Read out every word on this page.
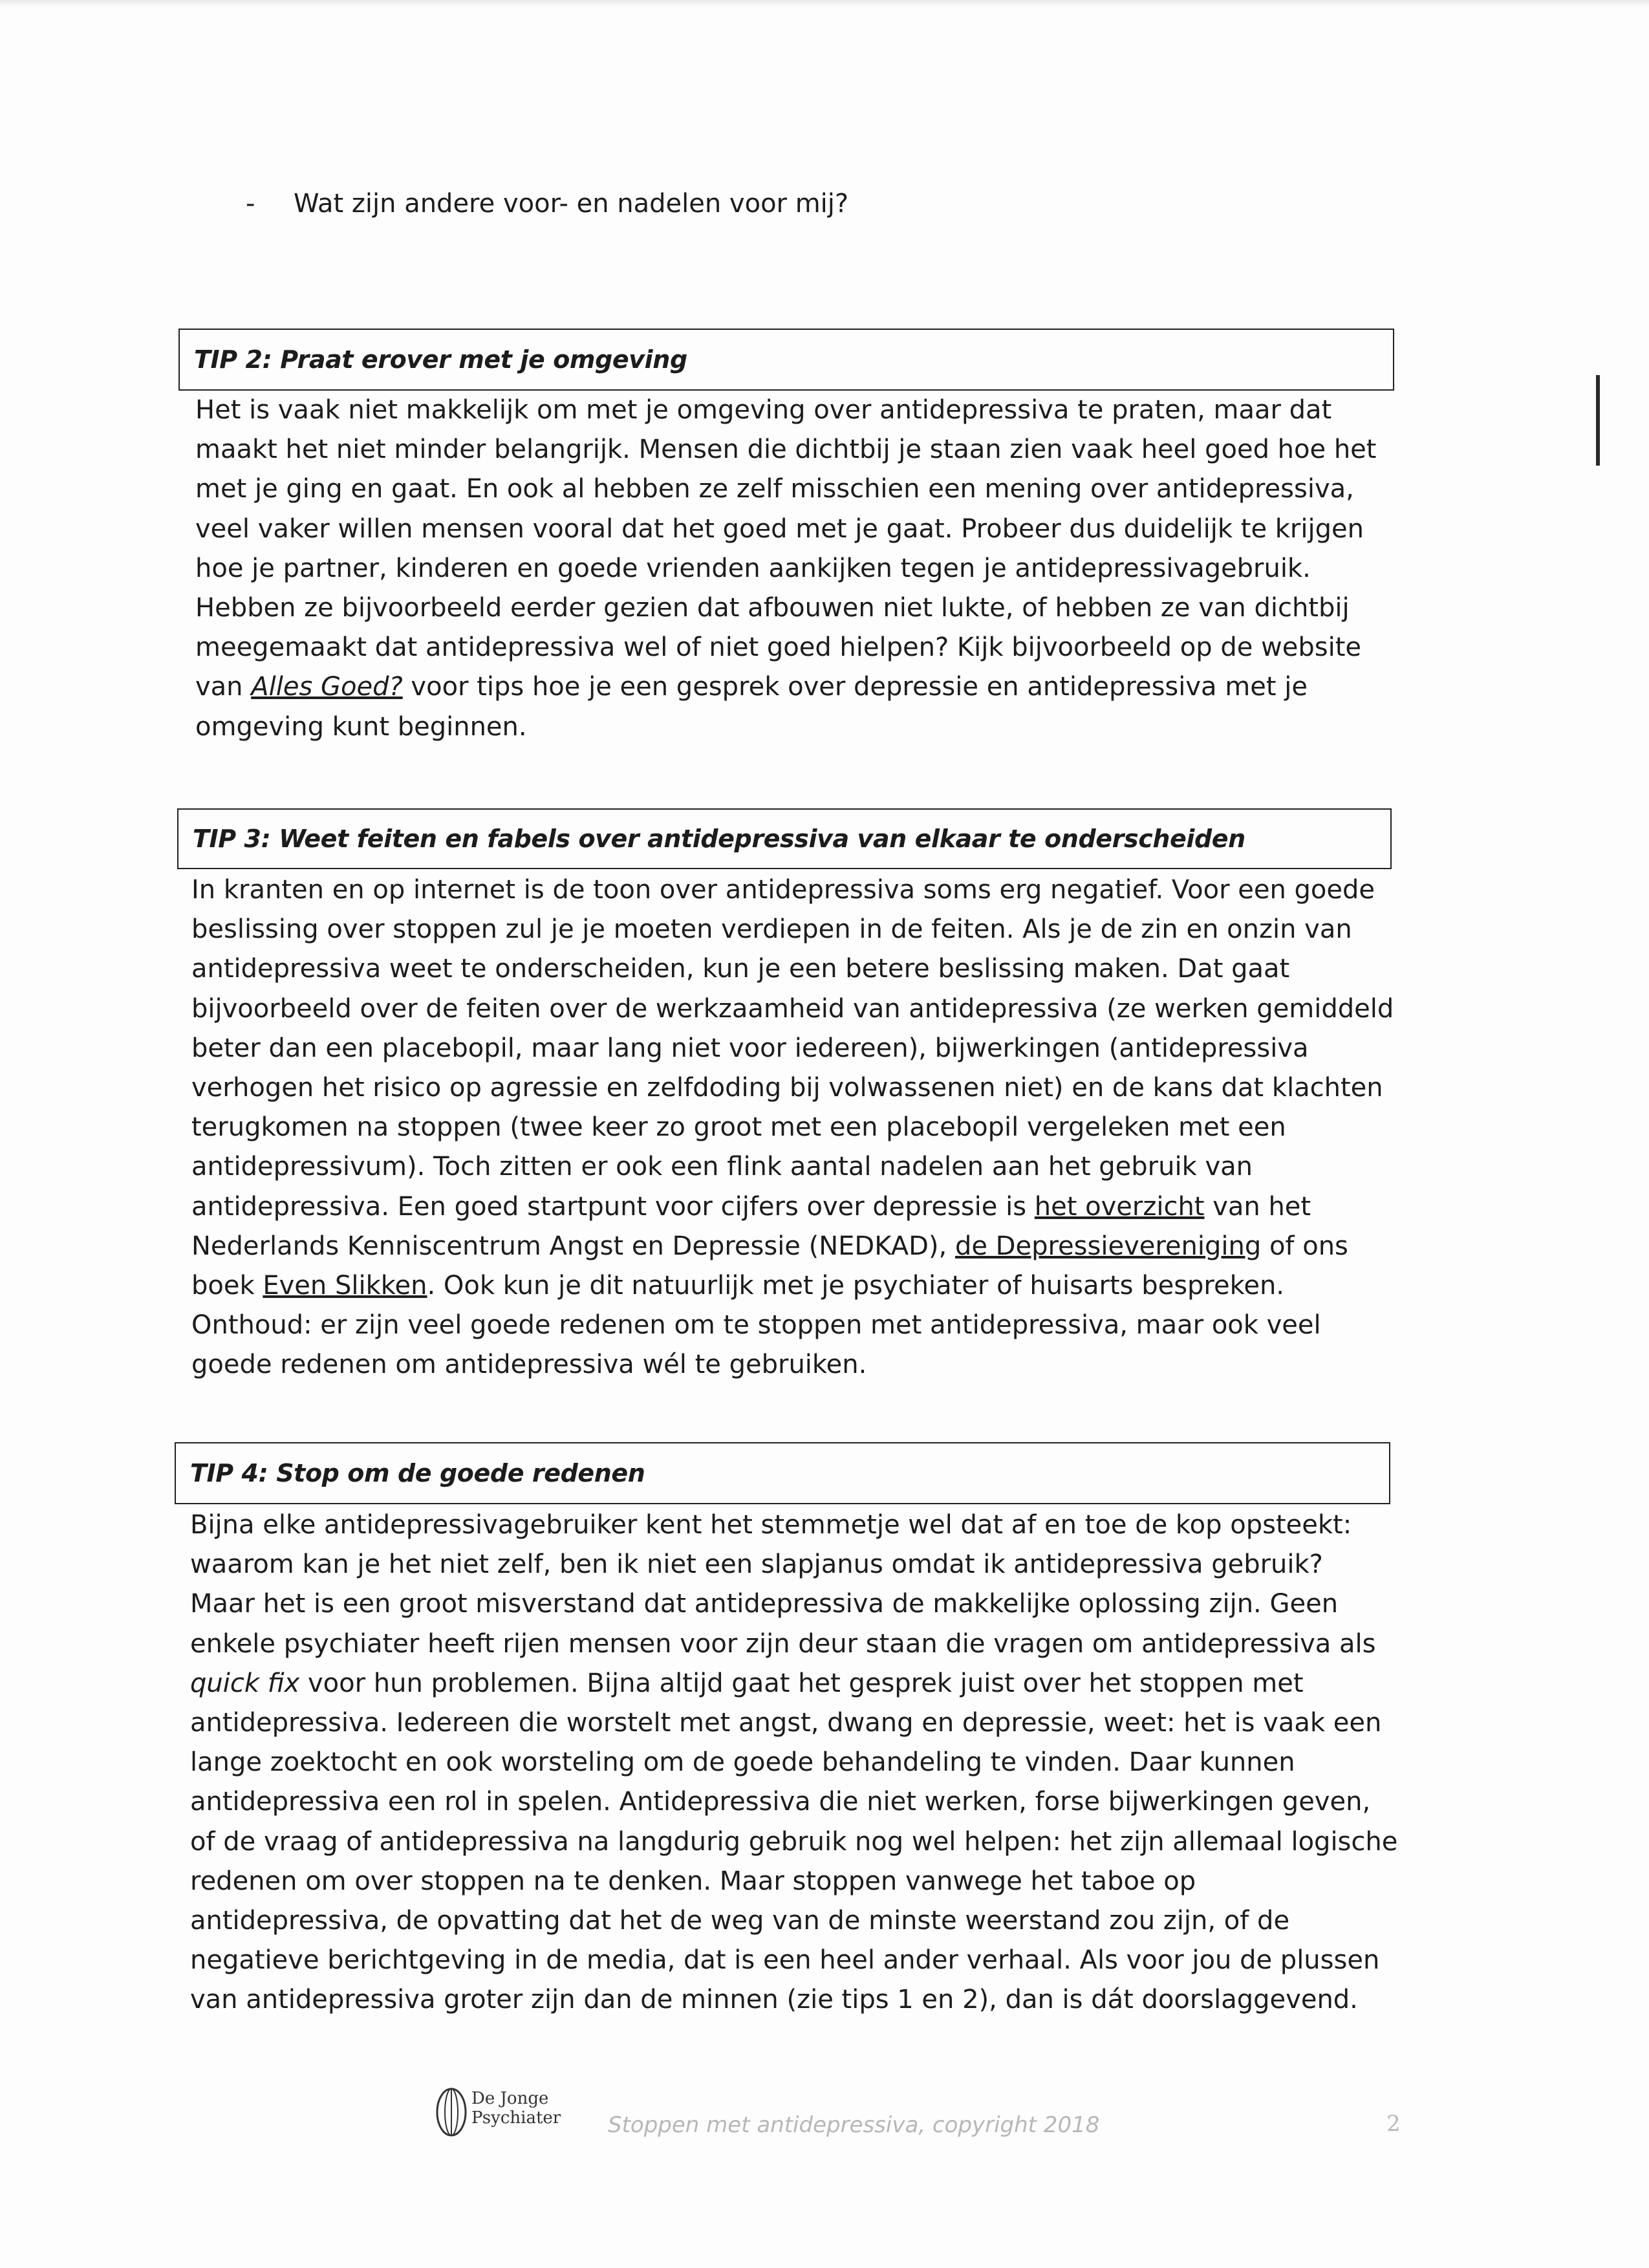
- Wat zijn andere voor- en nadelen voor mij?
TIP 2: Praat erover met je omgeving
Het is vaak niet makkelijk om met je omgeving over antidepressiva te praten, maar dat
maakt het niet minder belangrijk. Mensen die dichtbij je staan zien vaak heel goed hoe het
met je ging en gaat. En ook al hebben ze zelf misschien een mening over antidepressiva,
veel vaker willen mensen vooral dat het goed met je gaat. Probeer dus duidelijk te krijgen
hoe je partner, kinderen en goede vrienden aankijken tegen je antidepressivagebruik.
Hebben ze bijvoorbeeld eerder gezien dat afbouwen niet lukte, of hebben ze van dichtbij
meegemaakt dat antidepressiva wel of niet goed hielpen? Kijk bijvoorbeeld op de website
van Alles Goed? voor tips hoe je een gesprek over depressie en antidepressiva met je
omgeving kunt beginnen.
TIP 3: Weet feiten en fabels over antidepressiva van elkaar te onderscheiden
In kranten en op internet is de toon over antidepressiva soms erg negatief. Voor een goede
beslissing over stoppen zul je je moeten verdiepen in de feiten. Als je de zin en onzin van
antidepressiva weet te onderscheiden, kun je een betere beslissing maken. Dat gaat
bijvoorbeeld over de feiten over de werkzaamheid van antidepressiva (ze werken gemiddeld
beter dan een placebopil, maar lang niet voor iedereen), bijwerkingen (antidepressiva
verhogen het risico op agressie en zelfdoding bij volwassenen niet) en de kans dat klachten
terugkomen na stoppen (twee keer zo groot met een placebopil vergeleken met een
antidepressivum). Toch zitten er ook een flink aantal nadelen aan het gebruik van
antidepressiva. Een goed startpunt voor cijfers over depressie is het overzicht van het
Nederlands Kenniscentrum Angst en Depressie (NEDKAD), de Depressievereniging of ons
boek Even Slikken. Ook kun je dit natuurlijk met je psychiater of huisarts bespreken.
Onthoud: er zijn veel goede redenen om te stoppen met antidepressiva, maar ook veel
goede redenen om antidepressiva wél te gebruiken.
TIP 4: Stop om de goede redenen
Bijna elke antidepressivagebruiker kent het stemmetje wel dat af en toe de kop opsteekt:
waarom kan je het niet zelf, ben ik niet een slapjanus omdat ik antidepressiva gebruik?
Maar het is een groot misverstand dat antidepressiva de makkelijke oplossing zijn. Geen
enkele psychiater heeft rijen mensen voor zijn deur staan die vragen om antidepressiva als
quick fix voor hun problemen. Bijna altijd gaat het gesprek juist over het stoppen met
antidepressiva. Iedereen die worstelt met angst, dwang en depressie, weet: het is vaak een
lange zoektocht en ook worsteling om de goede behandeling te vinden. Daar kunnen
antidepressiva een rol in spelen. Antidepressiva die niet werken, forse bijwerkingen geven,
of de vraag of antidepressiva na langdurig gebruik nog wel helpen: het zijn allemaal logische
redenen om over stoppen na te denken. Maar stoppen vanwege het taboe op
antidepressiva, de opvatting dat het de weg van de minste weerstand zou zijn, of de
negatieve berichtgeving in de media, dat is een heel ander verhaal. Als voor jou de plussen
van antidepressiva groter zijn dan de minnen (zie tips 1 en 2), dan is dát doorslaggevend.
De Jonge
Psychiater Stoppen met antidepressiva, copyright 2018	2
